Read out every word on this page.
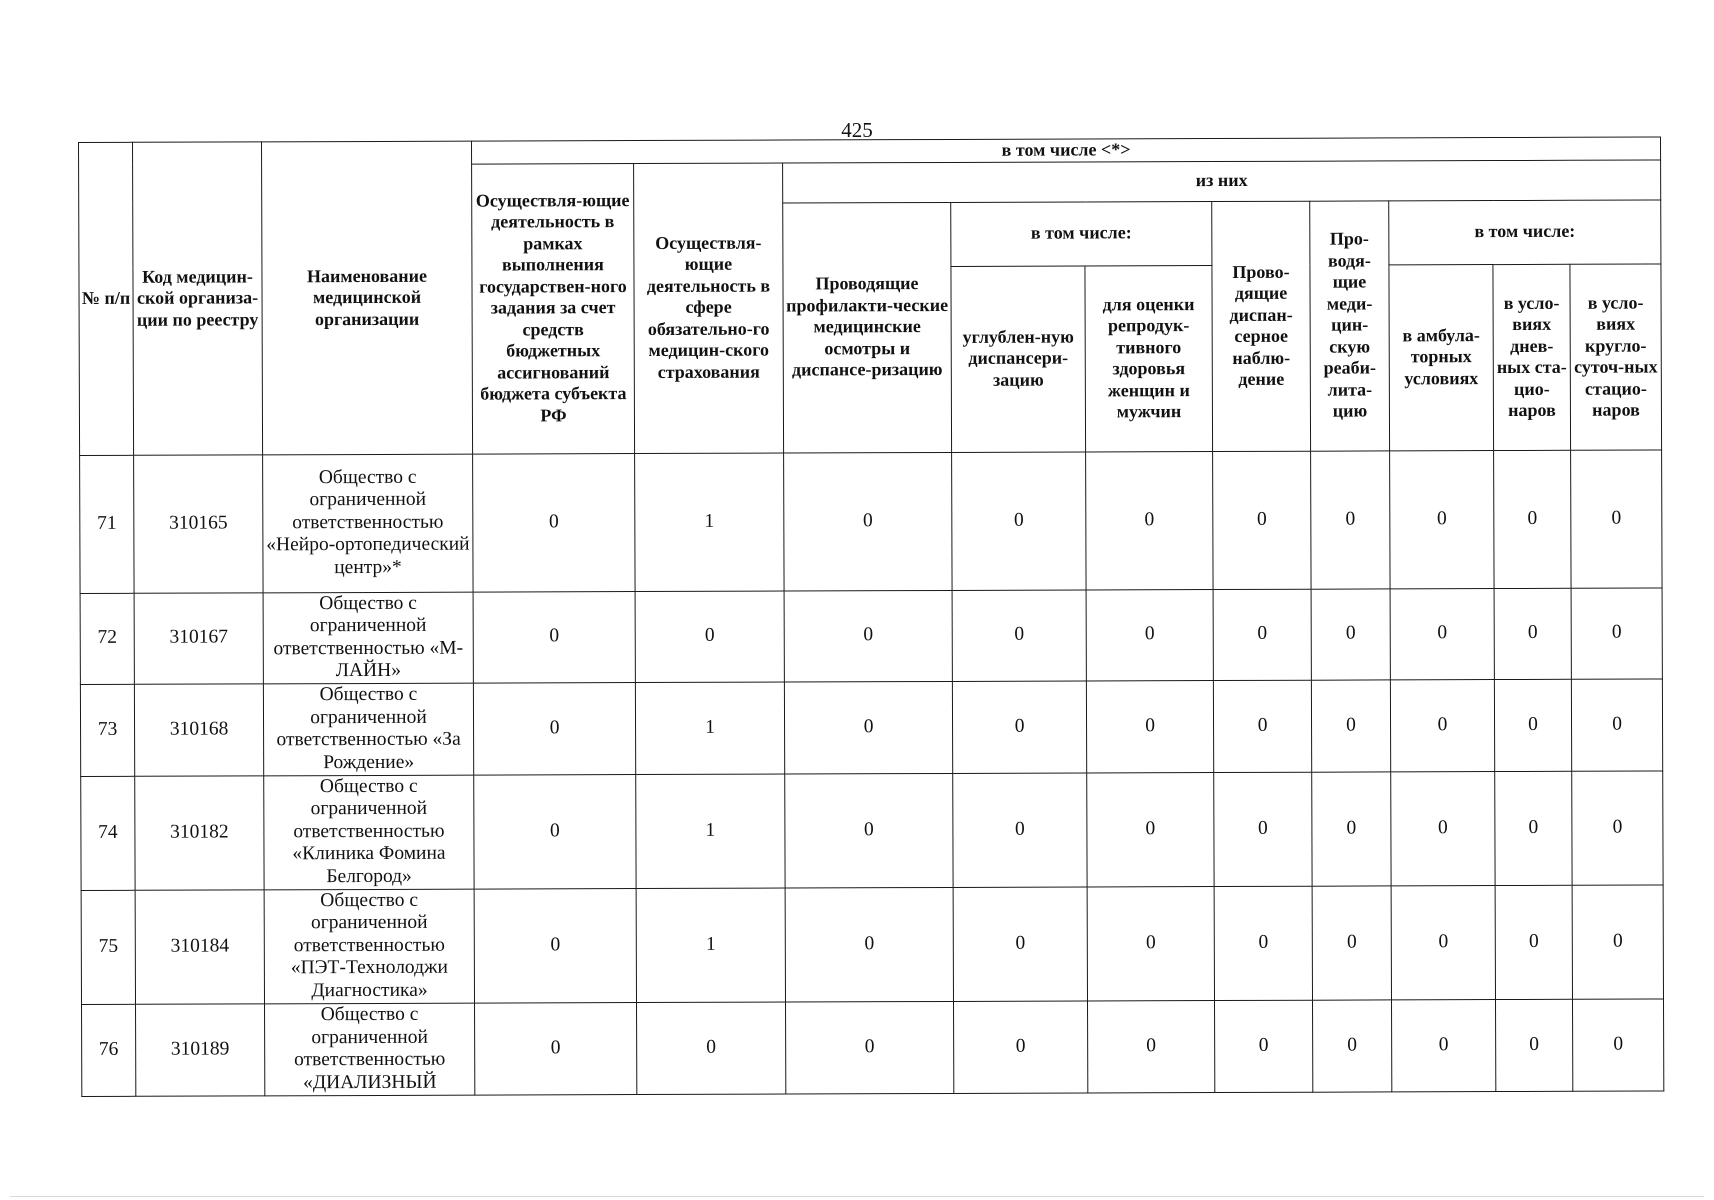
425
№ п/п	Код медицин-ской организа-ции по реестру	Наименование медицинской организации	в том числе <*>									
			Осуществля-ющие деятельность в рамках выполнения государствен-ного задания за счет средств бюджетных ассигнований бюджета субъекта РФ	Осуществля-ющие деятельность в сфере обязательно-го медицин-ского страхования	из них							
					Проводящие профилакти-ческие медицинские осмотры и диспансе-ризацию	в том числе:		Прово-дящие диспан-серное наблю-дение	Про-водя-щие меди-цин-скую реаби-лита-цию	в том числе:		
						углублен-ную диспансери-зацию	для оценки репродук-тивного здоровья женщин и мужчин			в амбула-торных условиях	в усло-виях днев-ных ста-цио-наров	в усло-виях кругло-суточ-ных стацио-наров
71	310165	Общество с ограниченной ответственностью «Нейро-ортопедический центр»*	0	1	0	0	0	0	0	0	0	0
72	310167	Общество с ограниченной ответственностью «М-ЛАЙН»	0	0	0	0	0	0	0	0	0	0
73	310168	Общество с ограниченной ответственностью «За Рождение»	0	1	0	0	0	0	0	0	0	0
74	310182	Общество с ограниченной ответственностью «Клиника Фомина Белгород»	0	1	0	0	0	0	0	0	0	0
75	310184	Общество с ограниченной ответственностью «ПЭТ-Технолоджи Диагностика»	0	1	0	0	0	0	0	0	0	0
76	310189	Общество с ограниченной ответственностью «ДИАЛИЗНЫЙ	0	0	0	0	0	0	0	0	0	0
